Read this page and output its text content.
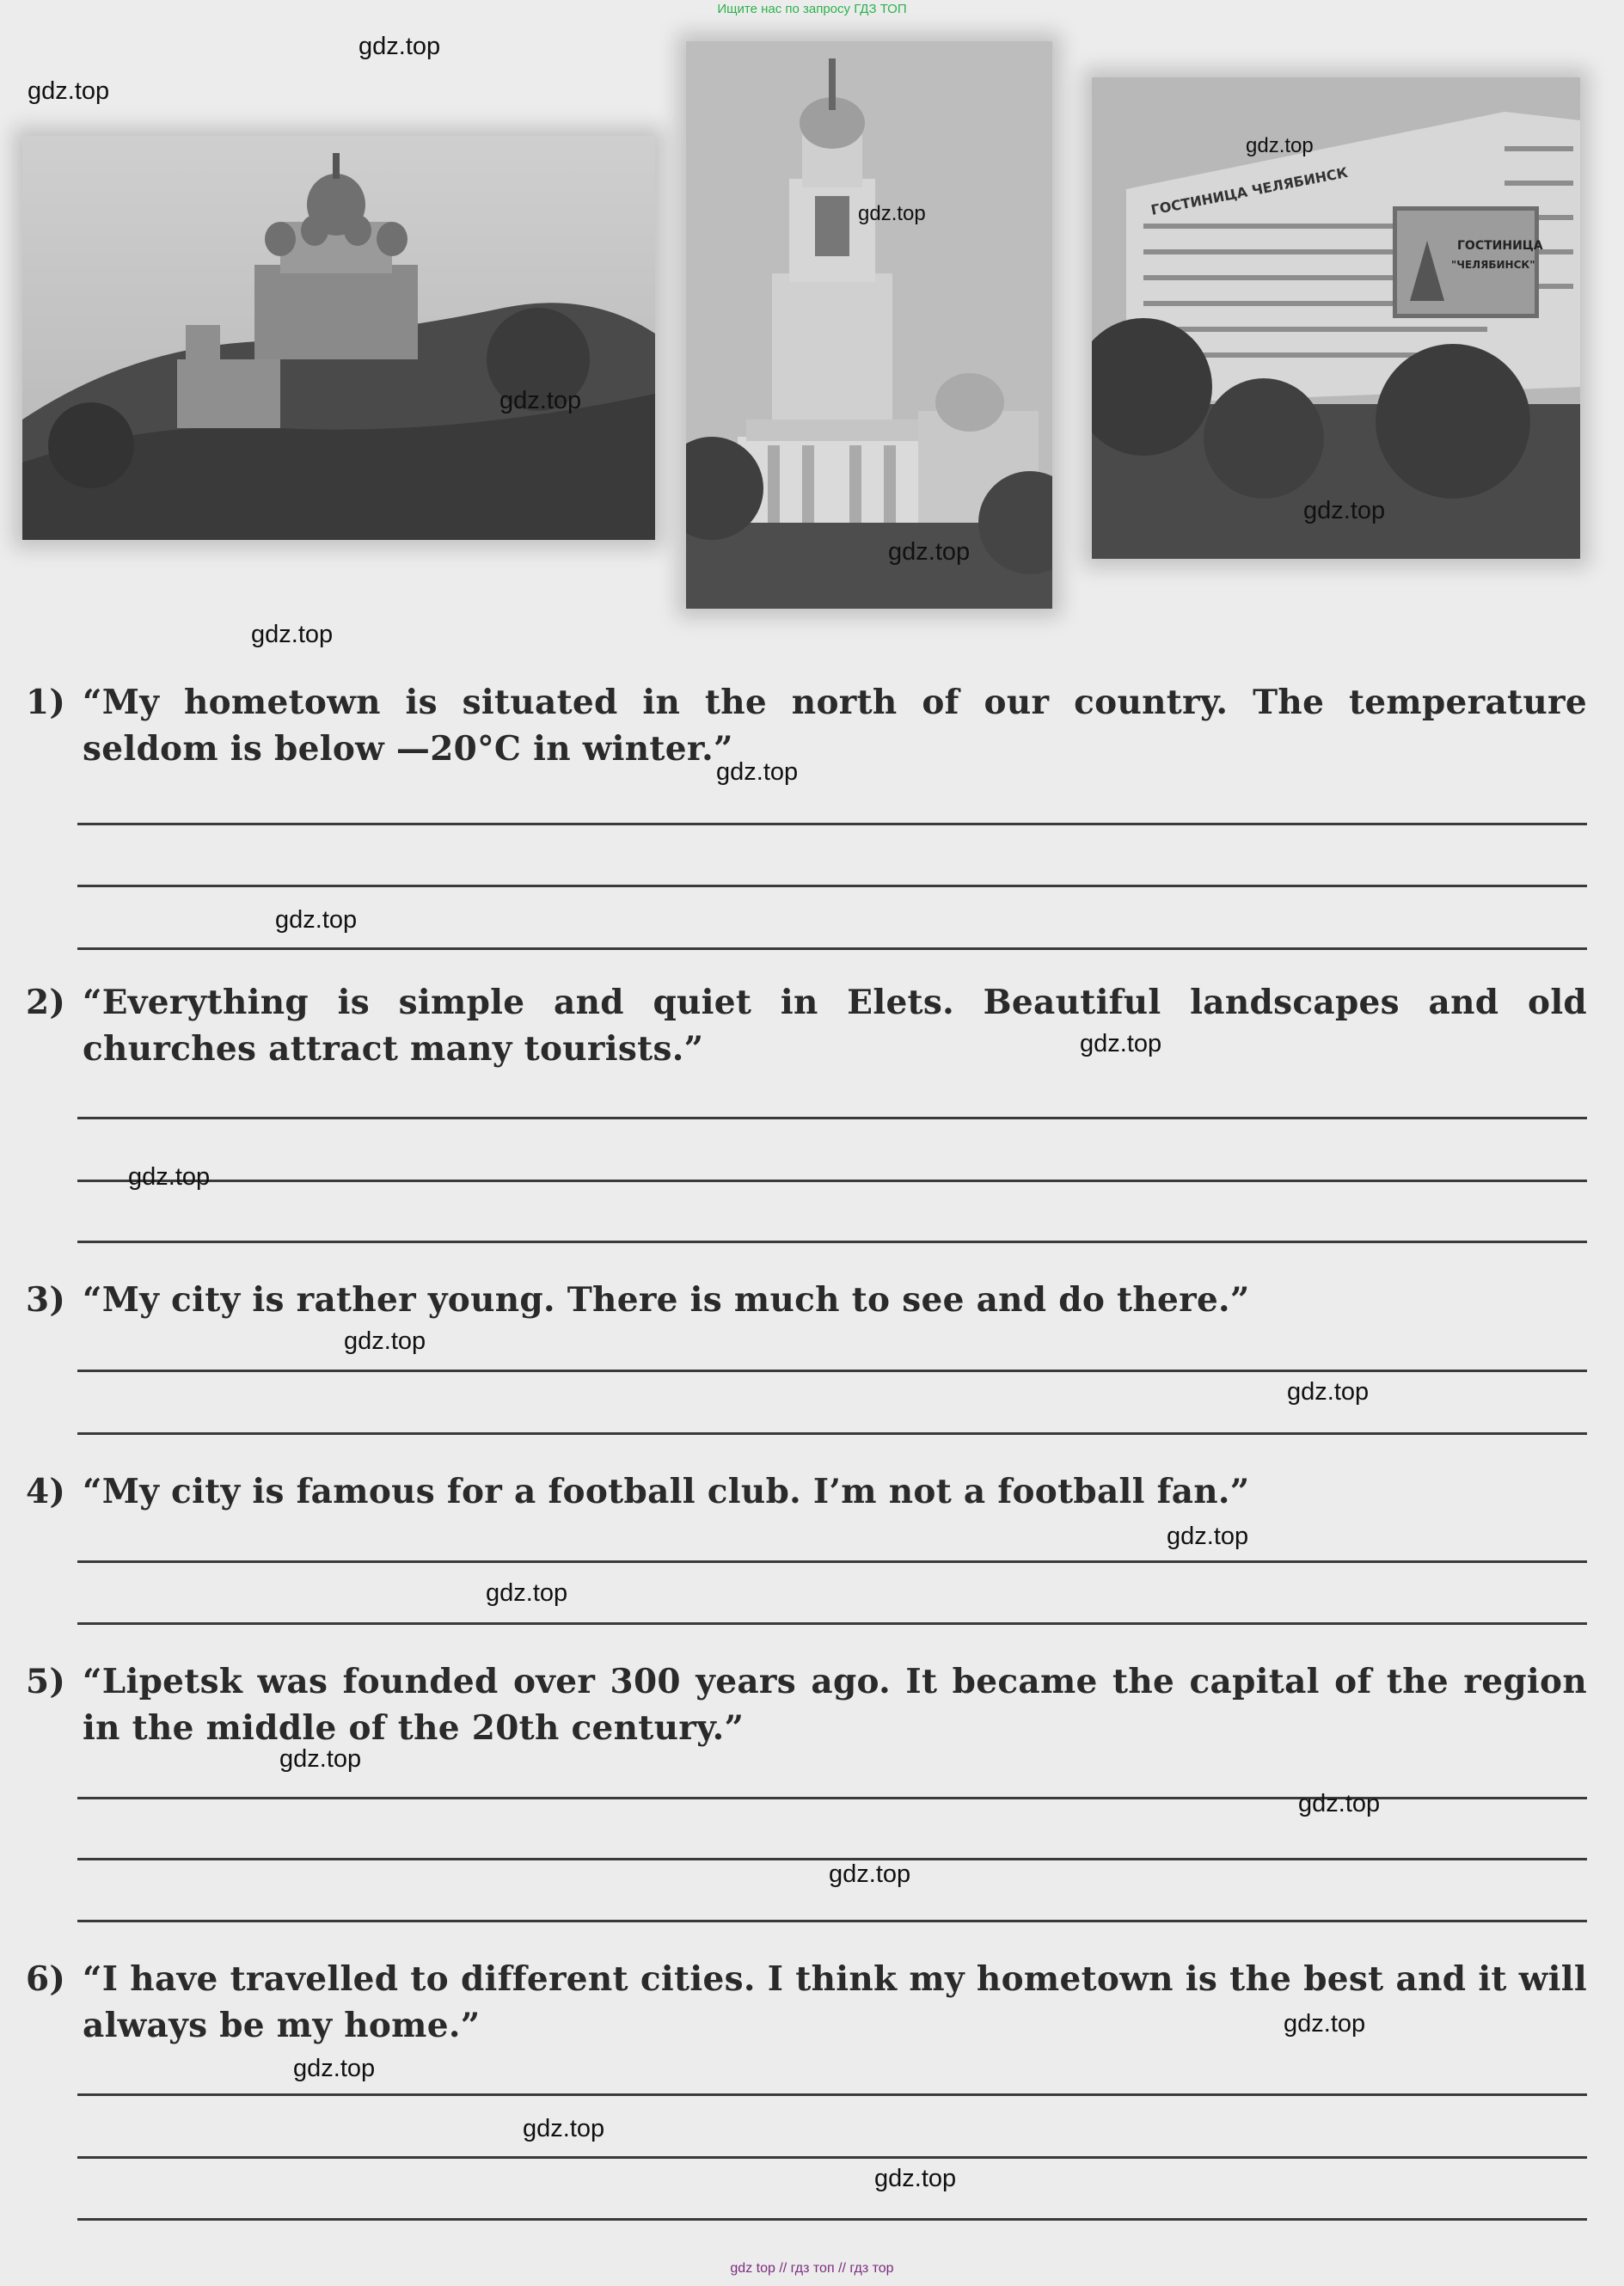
Ищите нас по запросу ГДЗ ТОП
ГОСТИНИЦА ЧЕЛЯБИНСК
ГОСТИНИЦА
"ЧЕЛЯБИНСК"
1) “My hometown is situated in the north of our country. The temperature seldom is below —20°C in winter.”
2) “Everything is simple and quiet in Elets. Beautiful landscapes and old churches attract many tourists.”
3) “My city is rather young. There is much to see and do there.”
4) “My city is famous for a football club. I’m not a football fan.”
5) “Lipetsk was founded over 300 years ago. It became the capital of the region in the middle of the 20th century.”
6) “I have travelled to different cities. I think my hometown is the best and it will always be my home.”
gdz.top
gdz.top
gdz.top
gdz.top
gdz.top
gdz.top
gdz.top
gdz.top
gdz.top
gdz.top
gdz.top
gdz.top
gdz.top
gdz.top
gdz.top
gdz.top
gdz.top
gdz.top
gdz.top
gdz.top
gdz.top
gdz.top
gdz.top
gdz top // гдз топ // гдз тор
